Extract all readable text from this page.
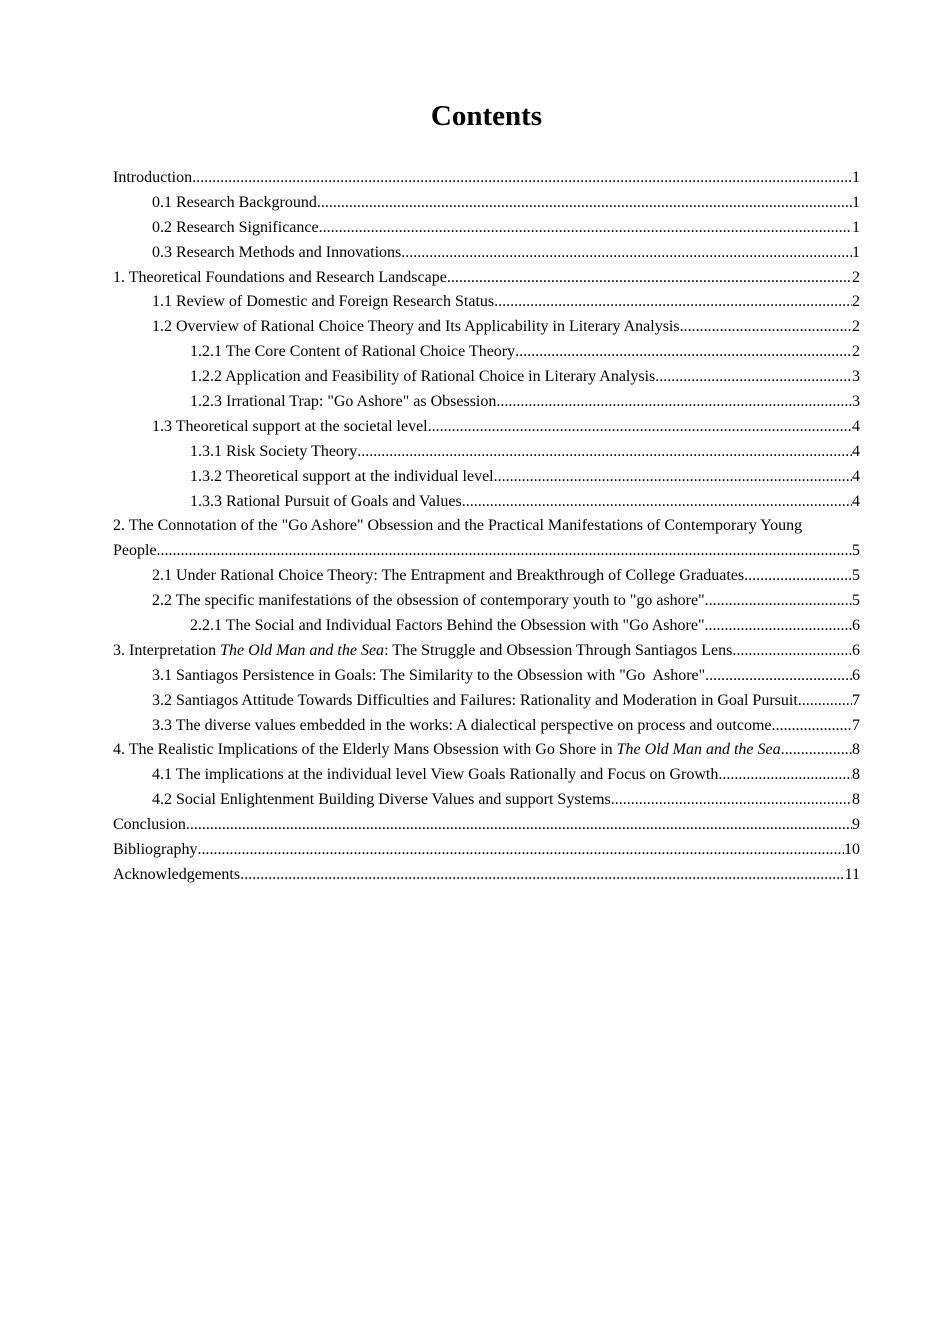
Contents
Introduction .....	1
0.1 Research Background .....	1
0.2 Research Significance .....	1
0.3 Research Methods and Innovations .....	1
1. Theoretical Foundations and Research Landscape .....	2
1.1 Review of Domestic and Foreign Research Status .....	2
1.2 Overview of Rational Choice Theory and Its Applicability in Literary Analysis .....	2
1.2.1 The Core Content of Rational Choice Theory .....	2
1.2.2 Application and Feasibility of Rational Choice in Literary Analysis .....	3
1.2.3 Irrational Trap: "Go Ashore" as Obsession .....	3
1.3 Theoretical support at the societal level .....	4
1.3.1 Risk Society Theory .....	4
1.3.2 Theoretical support at the individual level .....	4
1.3.3 Rational Pursuit of Goals and Values .....	4
2. The Connotation of the "Go Ashore" Obsession and the Practical Manifestations of Contemporary Young
People .....	5
2.1 Under Rational Choice Theory: The Entrapment and Breakthrough of College Graduates .....	5
2.2 The specific manifestations of the obsession of contemporary youth to "go ashore" .....	5
2.2.1 The Social and Individual Factors Behind the Obsession with "Go Ashore" .....	6
3. Interpretation The Old Man and the Sea: The Struggle and Obsession Through Santiagos Lens .....	6
3.1 Santiagos Persistence in Goals: The Similarity to the Obsession with "Go  Ashore" .....	6
3.2 Santiagos Attitude Towards Difficulties and Failures: Rationality and Moderation in Goal Pursuit .....	7
3.3 The diverse values embedded in the works: A dialectical perspective on process and outcome .....	7
4. The Realistic Implications of the Elderly Mans Obsession with Go Shore in The Old Man and the Sea .....	8
4.1 The implications at the individual level View Goals Rationally and Focus on Growth .....	8
4.2 Social Enlightenment Building Diverse Values and support Systems .....	8
Conclusion .....	9
Bibliography .....	10
Acknowledgements .....	11
